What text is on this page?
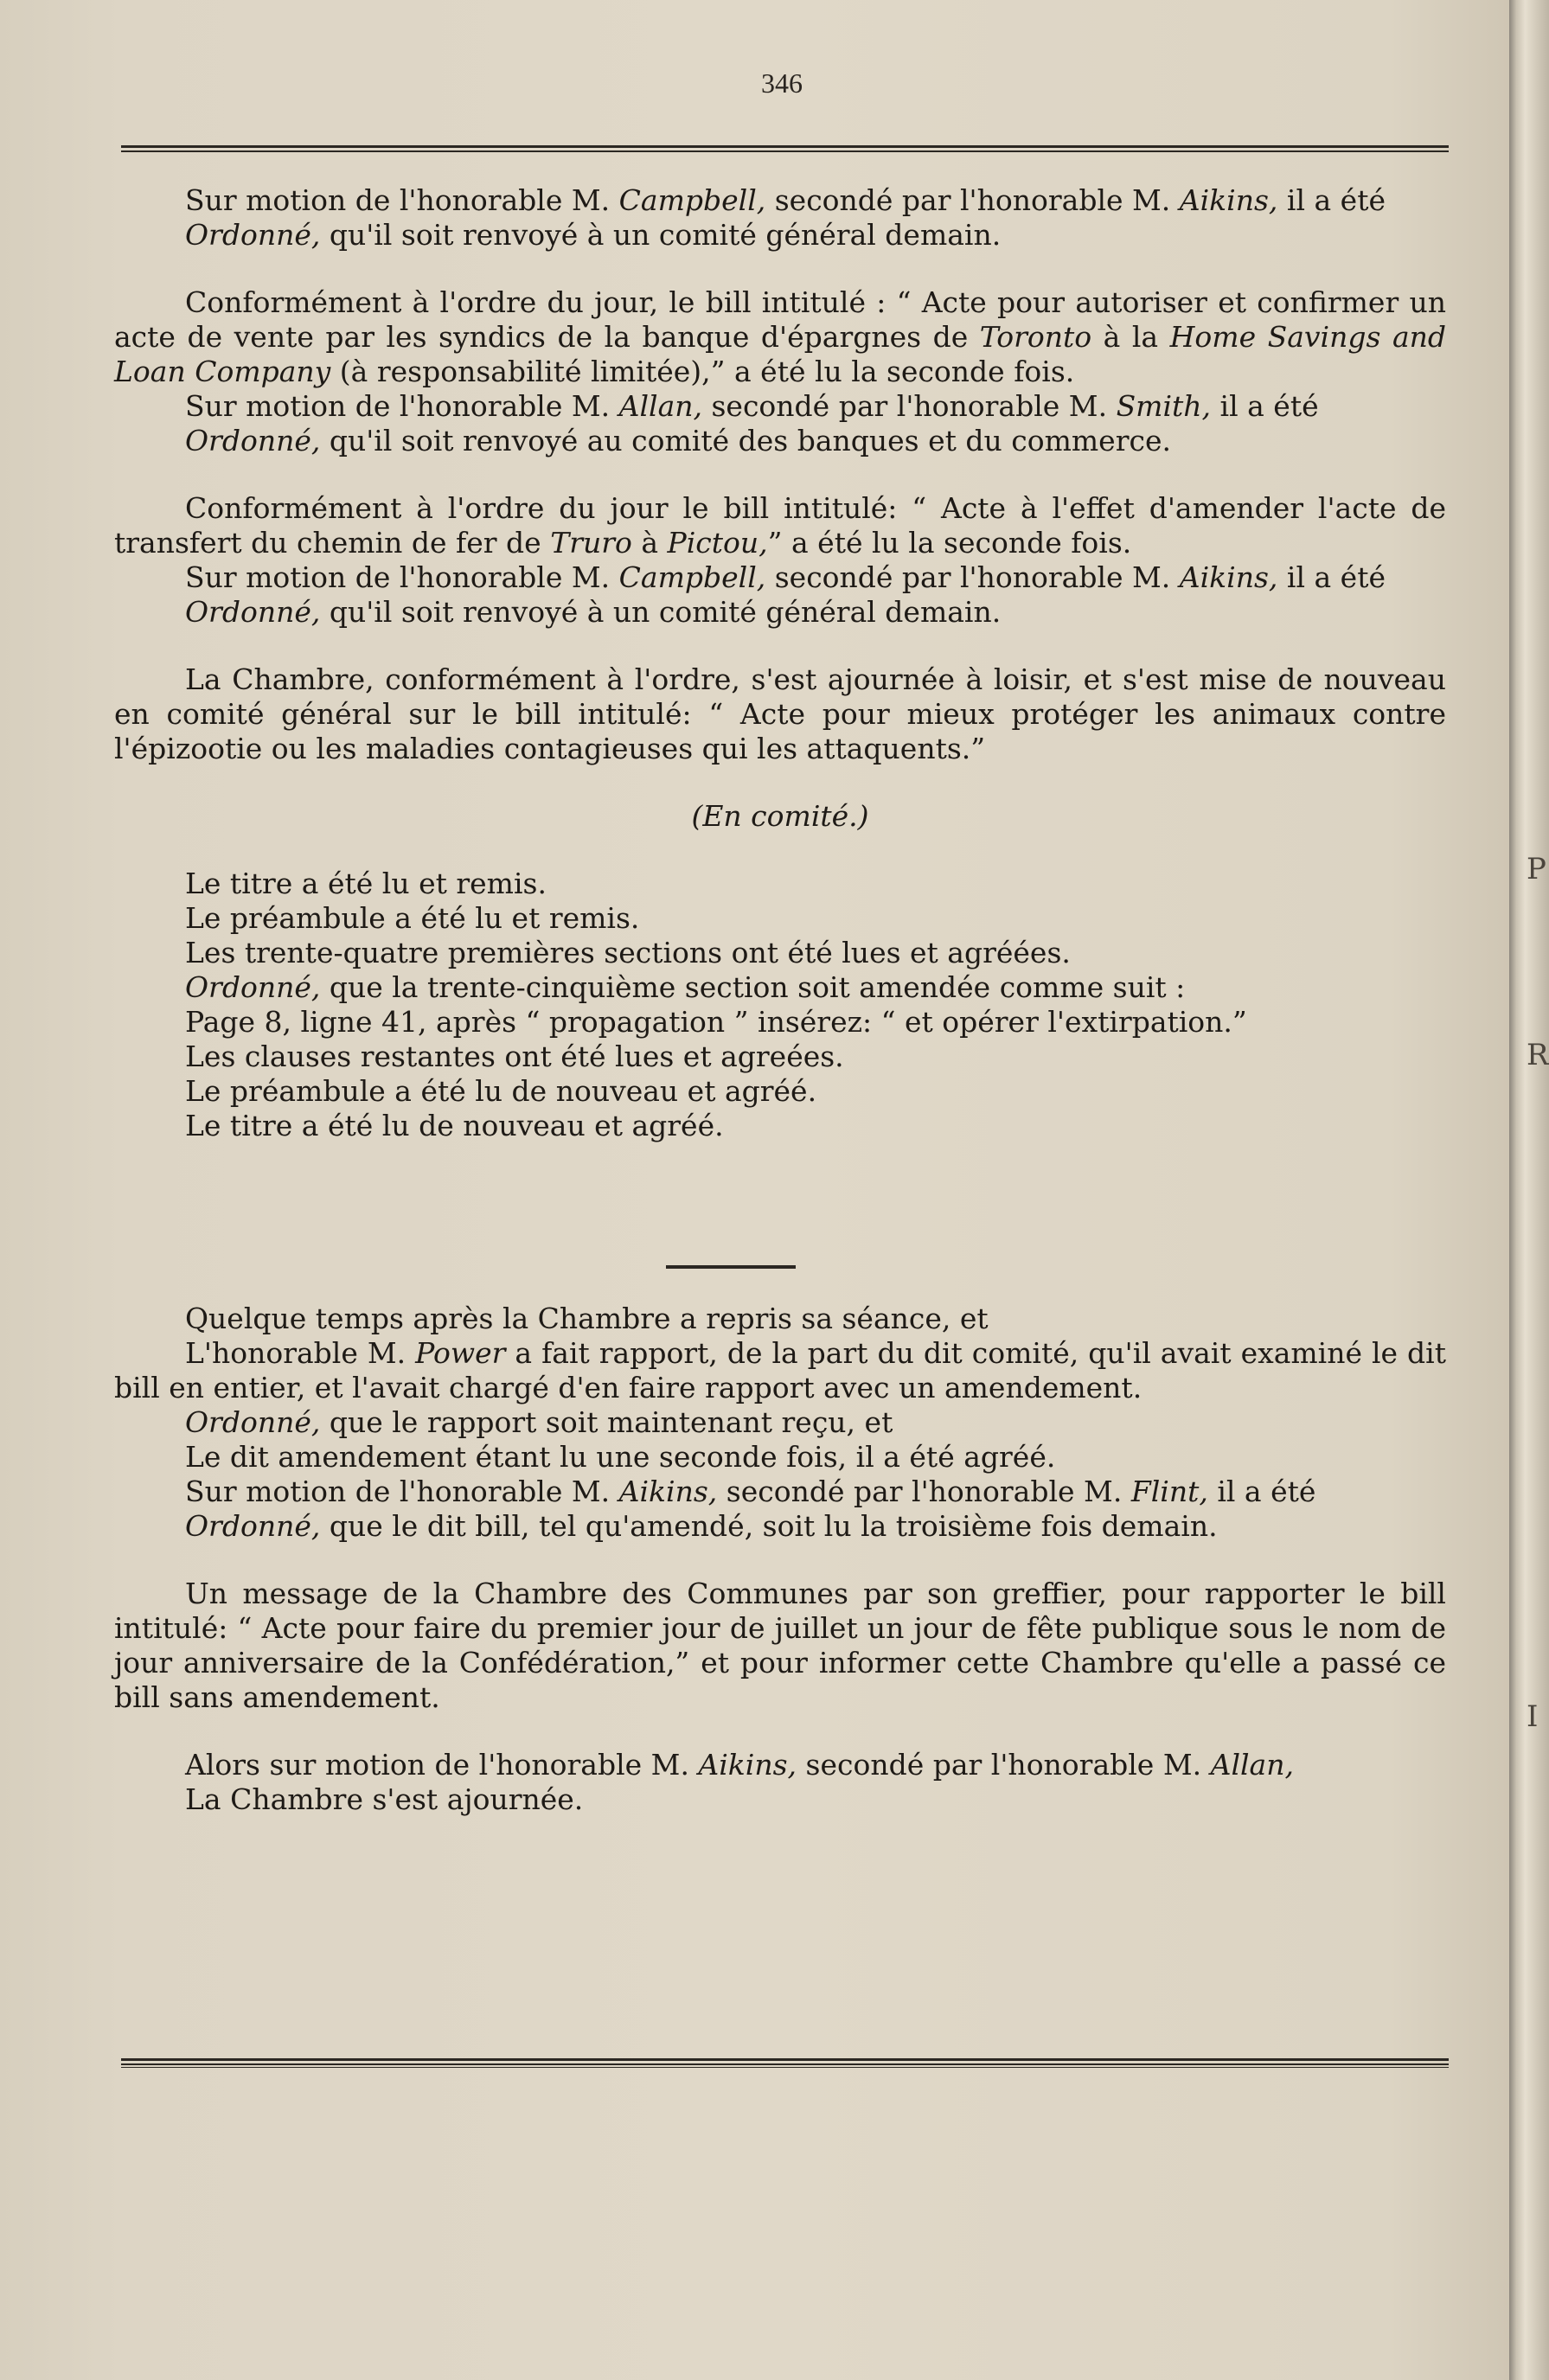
346

Sur motion de l'honorable M. Campbell, secondé par l'honorable M. Aikins, il a été
Ordonné, qu'il soit renvoyé à un comité général demain.

Conformément à l'ordre du jour, le bill intitulé : “ Acte pour autoriser et confirmer un acte de vente par les syndics de la banque d'épargnes de Toronto à la Home Savings and Loan Company (à responsabilité limitée),” a été lu la seconde fois.

Sur motion de l'honorable M. Allan, secondé par l'honorable M. Smith, il a été
Ordonné, qu'il soit renvoyé au comité des banques et du commerce.

Conformément à l'ordre du jour le bill intitulé: “ Acte à l'effet d'amender l'acte de transfert du chemin de fer de Truro à Pictou,” a été lu la seconde fois.

Sur motion de l'honorable M. Campbell, secondé par l'honorable M. Aikins, il a été
Ordonné, qu'il soit renvoyé à un comité général demain.

La Chambre, conformément à l'ordre, s'est ajournée à loisir, et s'est mise de nouveau en comité général sur le bill intitulé: “ Acte pour mieux protéger les animaux contre l'épizootie ou les maladies contagieuses qui les attaquents.”

(En comité.)

Le titre a été lu et remis.

Le préambule a été lu et remis.

Les trente-quatre premières sections ont été lues et agréées.

Ordonné, que la trente-cinquième section soit amendée comme suit :

Page 8, ligne 41, après “ propagation ” insérez: “ et opérer l'extirpation.”

Les clauses restantes ont été lues et agreées.

Le préambule a été lu de nouveau et agréé.

Le titre a été lu de nouveau et agréé.

Quelque temps après la Chambre a repris sa séance, et

L'honorable M. Power a fait rapport, de la part du dit comité, qu'il avait examiné le dit bill en entier, et l'avait chargé d'en faire rapport avec un amendement.

Ordonné, que le rapport soit maintenant reçu, et

Le dit amendement étant lu une seconde fois, il a été agréé.

Sur motion de l'honorable M. Aikins, secondé par l'honorable M. Flint, il a été
Ordonné, que le dit bill, tel qu'amendé, soit lu la troisième fois demain.

Un message de la Chambre des Communes par son greffier, pour rapporter le bill intitulé: “ Acte pour faire du premier jour de juillet un jour de fête publique sous le nom de jour anniversaire de la Confédération,” et pour informer cette Chambre qu'elle a passé ce bill sans amendement.

Alors sur motion de l'honorable M. Aikins, secondé par l'honorable M. Allan,
La Chambre s'est ajournée.

P
R
I
